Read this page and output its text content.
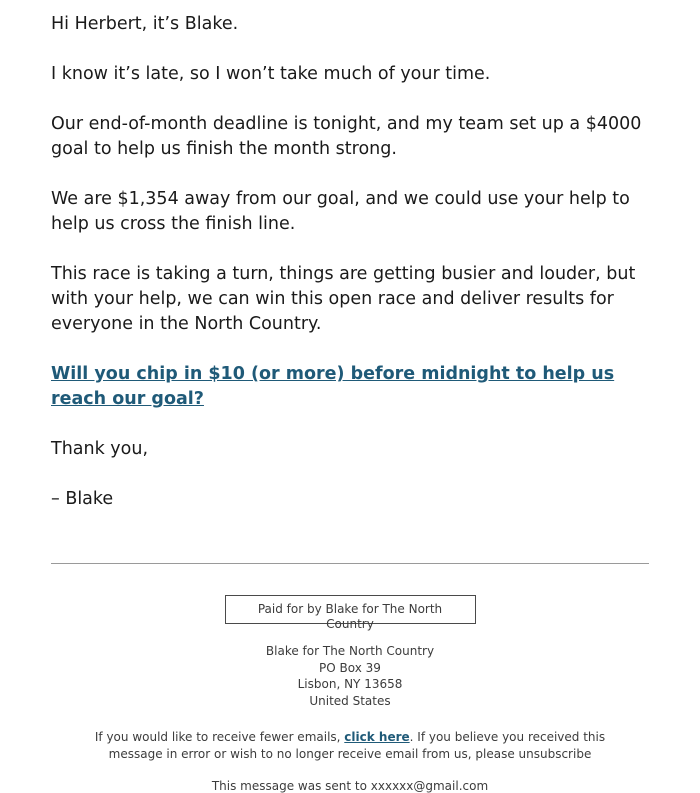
Hi Herbert, it’s Blake.

I know it’s late, so I won’t take much of your time.

Our end-of-month deadline is tonight, and my team set up a $4000 goal to help us finish the month strong.

We are $1,354 away from our goal, and we could use your help to help us cross the finish line.

This race is taking a turn, things are getting busier and louder, but with your help, we can win this open race and deliver results for everyone in the North Country.

Will you chip in $10 (or more) before midnight to help us reach our goal?

Thank you,

– Blake

Paid for by Blake for The North Country
Blake for The North Country
PO Box 39
Lisbon, NY 13658
United States
If you would like to receive fewer emails, click here. If you believe you received this message in error or wish to no longer receive email from us, please unsubscribe
This message was sent to xxxxxx@gmail.com
